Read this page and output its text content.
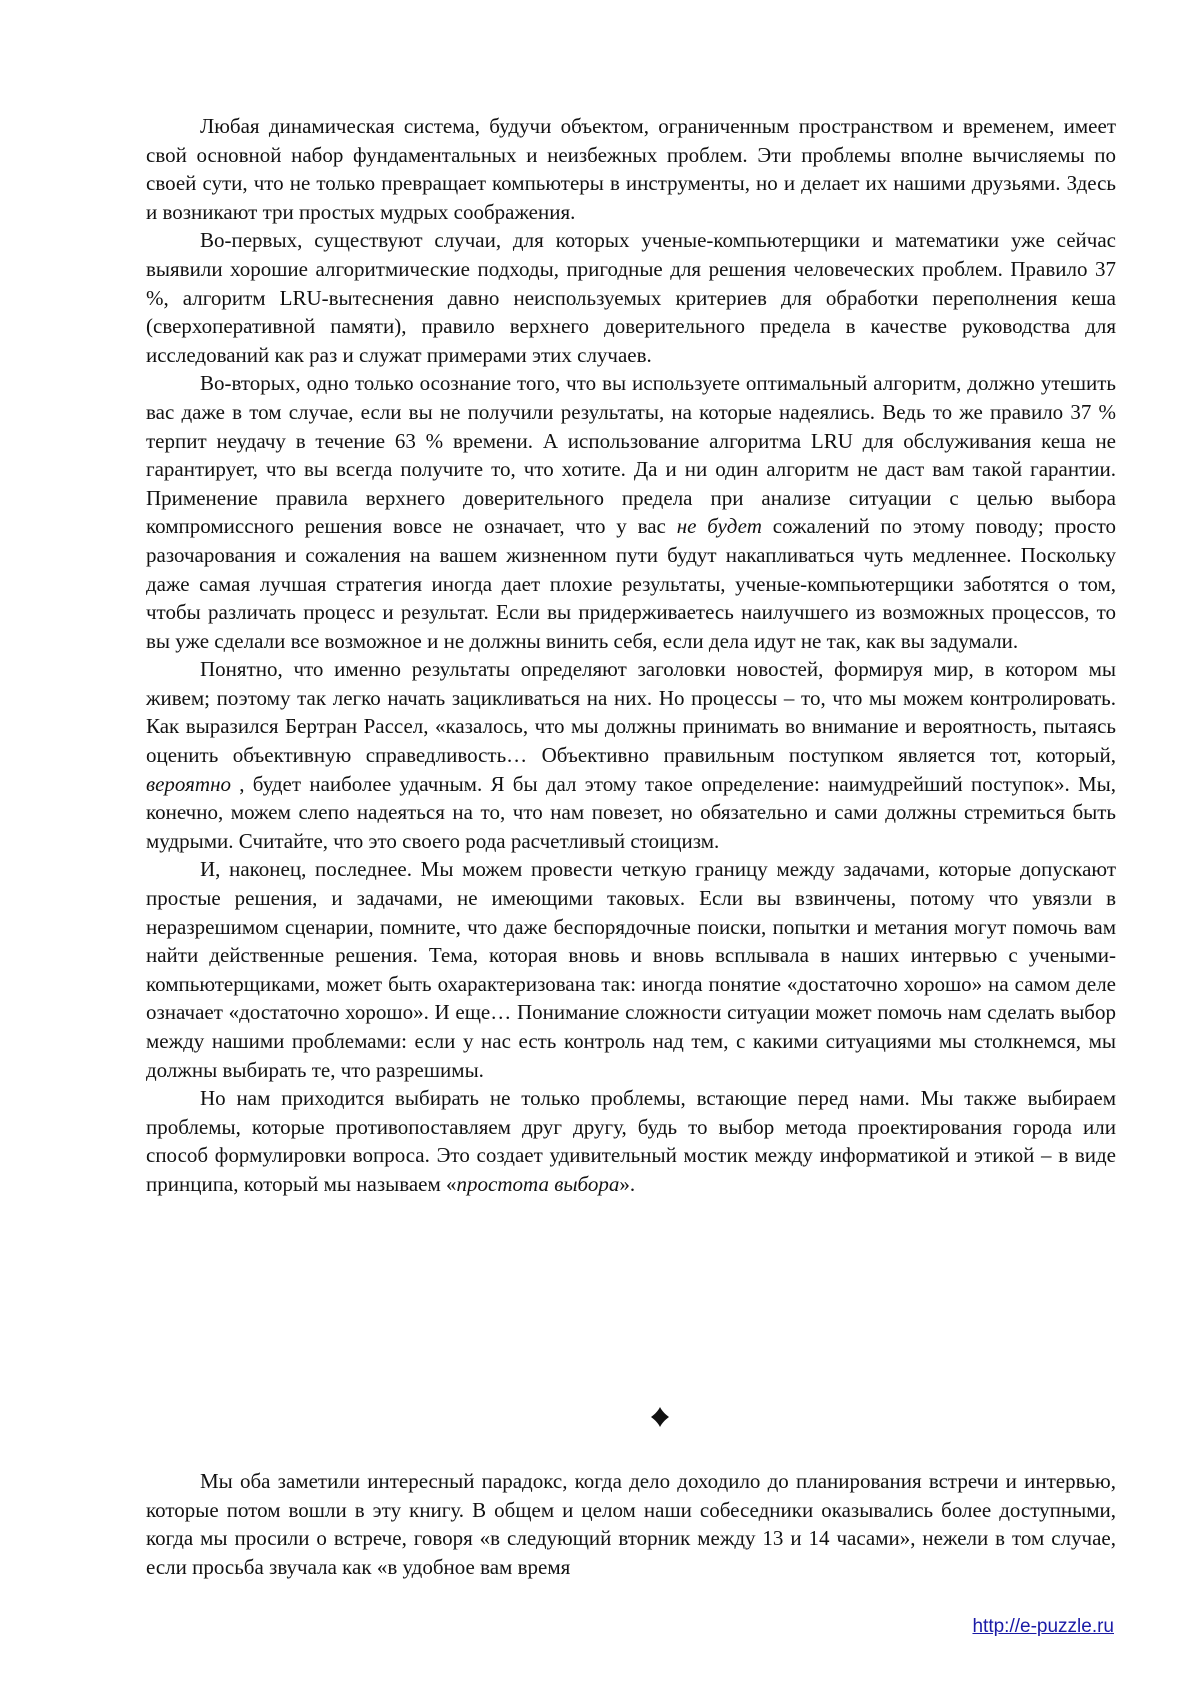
Любая динамическая система, будучи объектом, ограниченным пространством и временем, имеет свой основной набор фундаментальных и неизбежных проблем. Эти проблемы вполне вычисляемы по своей сути, что не только превращает компьютеры в инструменты, но и делает их нашими друзьями. Здесь и возникают три простых мудрых соображения.

Во-первых, существуют случаи, для которых ученые-компьютерщики и математики уже сейчас выявили хорошие алгоритмические подходы, пригодные для решения человеческих проблем. Правило 37 %, алгоритм LRU-вытеснения давно неиспользуемых критериев для обработки переполнения кеша (сверхоперативной памяти), правило верхнего доверительного предела в качестве руководства для исследований как раз и служат примерами этих случаев.

Во-вторых, одно только осознание того, что вы используете оптимальный алгоритм, должно утешить вас даже в том случае, если вы не получили результаты, на которые надеялись. Ведь то же правило 37 % терпит неудачу в течение 63 % времени. А использование алгоритма LRU для обслуживания кеша не гарантирует, что вы всегда получите то, что хотите. Да и ни один алгоритм не даст вам такой гарантии. Применение правила верхнего доверительного предела при анализе ситуации с целью выбора компромиссного решения вовсе не означает, что у вас не будет сожалений по этому поводу; просто разочарования и сожаления на вашем жизненном пути будут накапливаться чуть медленнее. Поскольку даже самая лучшая стратегия иногда дает плохие результаты, ученые-компьютерщики заботятся о том, чтобы различать процесс и результат. Если вы придерживаетесь наилучшего из возможных процессов, то вы уже сделали все возможное и не должны винить себя, если дела идут не так, как вы задумали.

Понятно, что именно результаты определяют заголовки новостей, формируя мир, в котором мы живем; поэтому так легко начать зацикливаться на них. Но процессы – то, что мы можем контролировать. Как выразился Бертран Рассел, «казалось, что мы должны принимать во внимание и вероятность, пытаясь оценить объективную справедливость… Объективно правильным поступком является тот, который, вероятно , будет наиболее удачным. Я бы дал этому такое определение: наимудрейший поступок». Мы, конечно, можем слепо надеяться на то, что нам повезет, но обязательно и сами должны стремиться быть мудрыми. Считайте, что это своего рода расчетливый стоицизм.

И, наконец, последнее. Мы можем провести четкую границу между задачами, которые допускают простые решения, и задачами, не имеющими таковых. Если вы взвинчены, потому что увязли в неразрешимом сценарии, помните, что даже беспорядочные поиски, попытки и метания могут помочь вам найти действенные решения. Тема, которая вновь и вновь всплывала в наших интервью с учеными-компьютерщиками, может быть охарактеризована так: иногда понятие «достаточно хорошо» на самом деле означает «достаточно хорошо». И еще… Понимание сложности ситуации может помочь нам сделать выбор между нашими проблемами: если у нас есть контроль над тем, с какими ситуациями мы столкнемся, мы должны выбирать те, что разрешимы.

Но нам приходится выбирать не только проблемы, встающие перед нами. Мы также выбираем проблемы, которые противопоставляем друг другу, будь то выбор метода проектирования города или способ формулировки вопроса. Это создает удивительный мостик между информатикой и этикой – в виде принципа, который мы называем «простота выбора».

Мы оба заметили интересный парадокс, когда дело доходило до планирования встречи и интервью, которые потом вошли в эту книгу. В общем и целом наши собеседники оказывались более доступными, когда мы просили о встрече, говоря «в следующий вторник между 13 и 14 часами», нежели в том случае, если просьба звучала как «в удобное вам время

http://e-puzzle.ru
